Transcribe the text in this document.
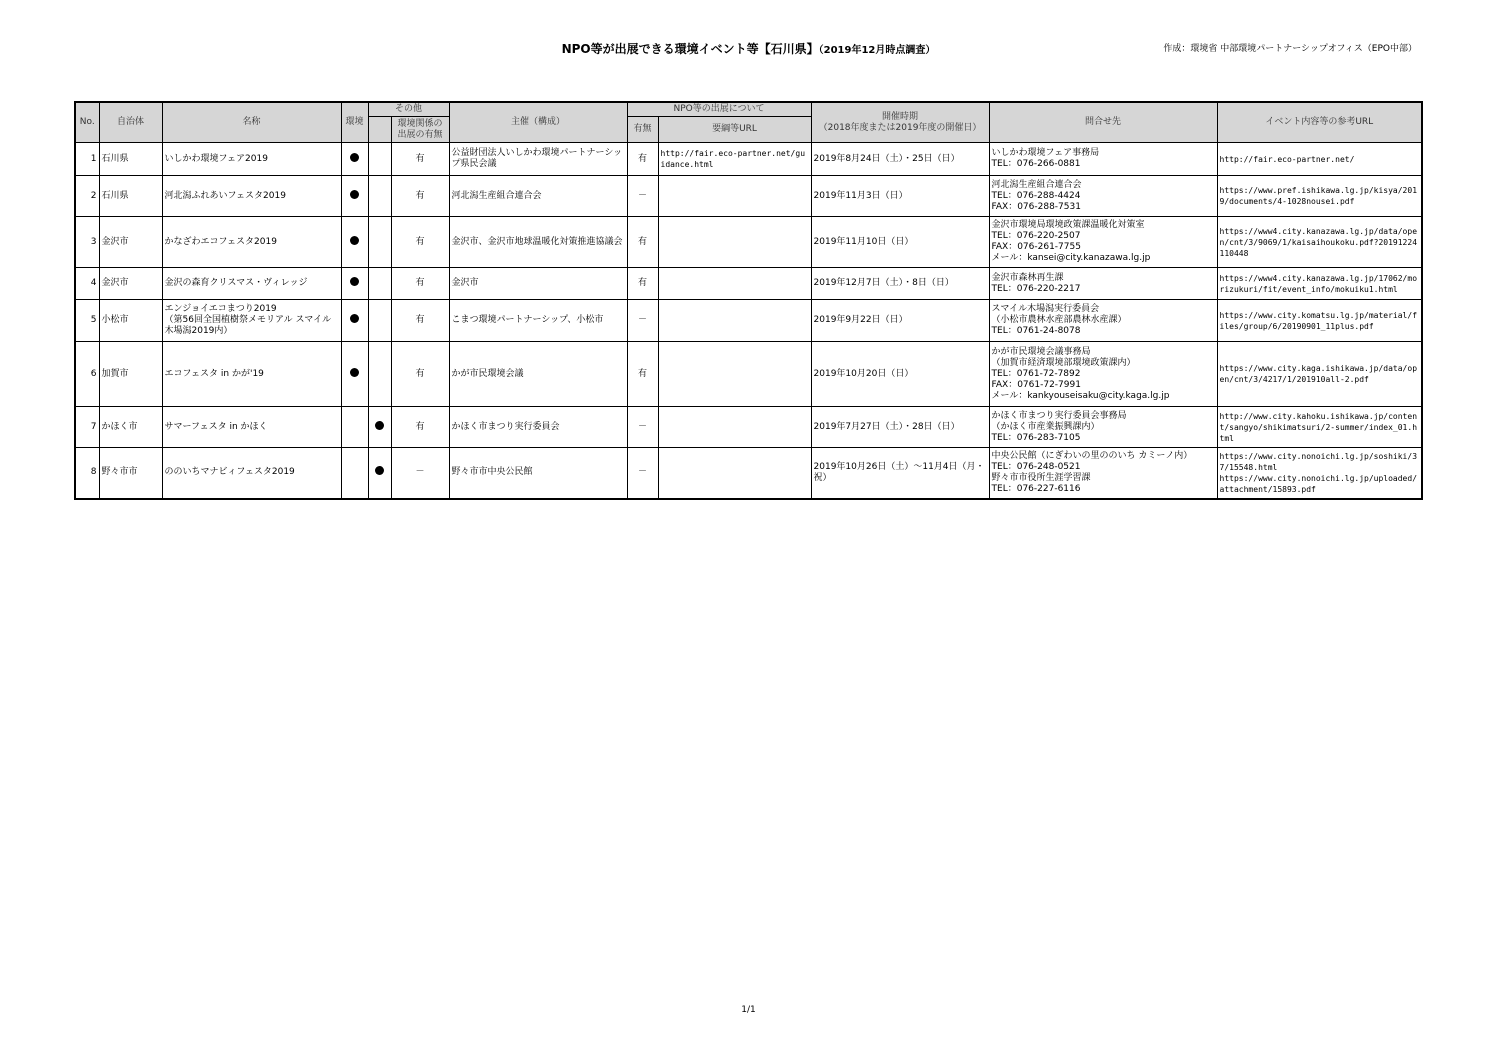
NPO等が出展できる環境イベント等【石川県】（2019年12月時点調査）	作成：環境省 中部環境パートナーシップオフィス（EPO中部）
No.	自治体	名称	環境	その他		主催（構成）	NPO等の出展について		開催時期
（2018年度または2019年度の開催日）	問合せ先	イベント内容等の参考URL
					環境関係の出展の有無		有無	要綱等URL			
1	石川県	いしかわ環境フェア2019			有	公益財団法人いしかわ環境パートナーシップ県民会議	有	http://fair.eco-partner.net/guidance.html	2019年8月24日（土）・25日（日）	いしかわ環境フェア事務局
TEL：076-266-0881	http://fair.eco-partner.net/
2	石川県	河北潟ふれあいフェスタ2019			有	河北潟生産組合連合会	－		2019年11月3日（日）	河北潟生産組合連合会
TEL：076-288-4424
FAX：076-288-7531	https://www.pref.ishikawa.lg.jp/kisya/2019/documents/4-1028nousei.pdf
3	金沢市	かなざわエコフェスタ2019			有	金沢市、金沢市地球温暖化対策推進協議会	有		2019年11月10日（日）	金沢市環境局環境政策課温暖化対策室
TEL：076-220-2507
FAX：076-261-7755
メール：kansei@city.kanazawa.lg.jp	https://www4.city.kanazawa.lg.jp/data/open/cnt/3/9069/1/kaisaihoukoku.pdf?20191224110448
4	金沢市	金沢の森育クリスマス・ヴィレッジ			有	金沢市	有		2019年12月7日（土）・8日（日）	金沢市森林再生課
TEL：076-220-2217	https://www4.city.kanazawa.lg.jp/17062/morizukuri/fit/event_info/mokuiku1.html
5	小松市	エンジョイエコまつり2019
（第56回全国植樹祭メモリアル スマイル木場潟2019内）			有	こまつ環境パートナーシップ、小松市	－		2019年9月22日（日）	スマイル木場潟実行委員会
（小松市農林水産部農林水産課）
TEL：0761-24-8078	https://www.city.komatsu.lg.jp/material/files/group/6/20190901_11plus.pdf
6	加賀市	エコフェスタ in かが'19			有	かが市民環境会議	有		2019年10月20日（日）	かが市民環境会議事務局
（加賀市経済環境部環境政策課内）
TEL：0761-72-7892
FAX：0761-72-7991
メール：kankyouseisaku@city.kaga.lg.jp	https://www.city.kaga.ishikawa.jp/data/open/cnt/3/4217/1/201910all-2.pdf
7	かほく市	サマーフェスタ in かほく			有	かほく市まつり実行委員会	－		2019年7月27日（土）・28日（日）	かほく市まつり実行委員会事務局
（かほく市産業振興課内）
TEL：076-283-7105	http://www.city.kahoku.ishikawa.jp/content/sangyo/shikimatsuri/2-summer/index_01.html
8	野々市市	ののいちマナビィフェスタ2019			－	野々市市中央公民館	－		2019年10月26日（土）～11月4日（月・祝）	中央公民館（にぎわいの里ののいち カミーノ内）
TEL：076-248-0521
野々市市役所生涯学習課
TEL：076-227-6116	https://www.city.nonoichi.lg.jp/soshiki/37/15548.html
https://www.city.nonoichi.lg.jp/uploaded/attachment/15893.pdf
1/1
